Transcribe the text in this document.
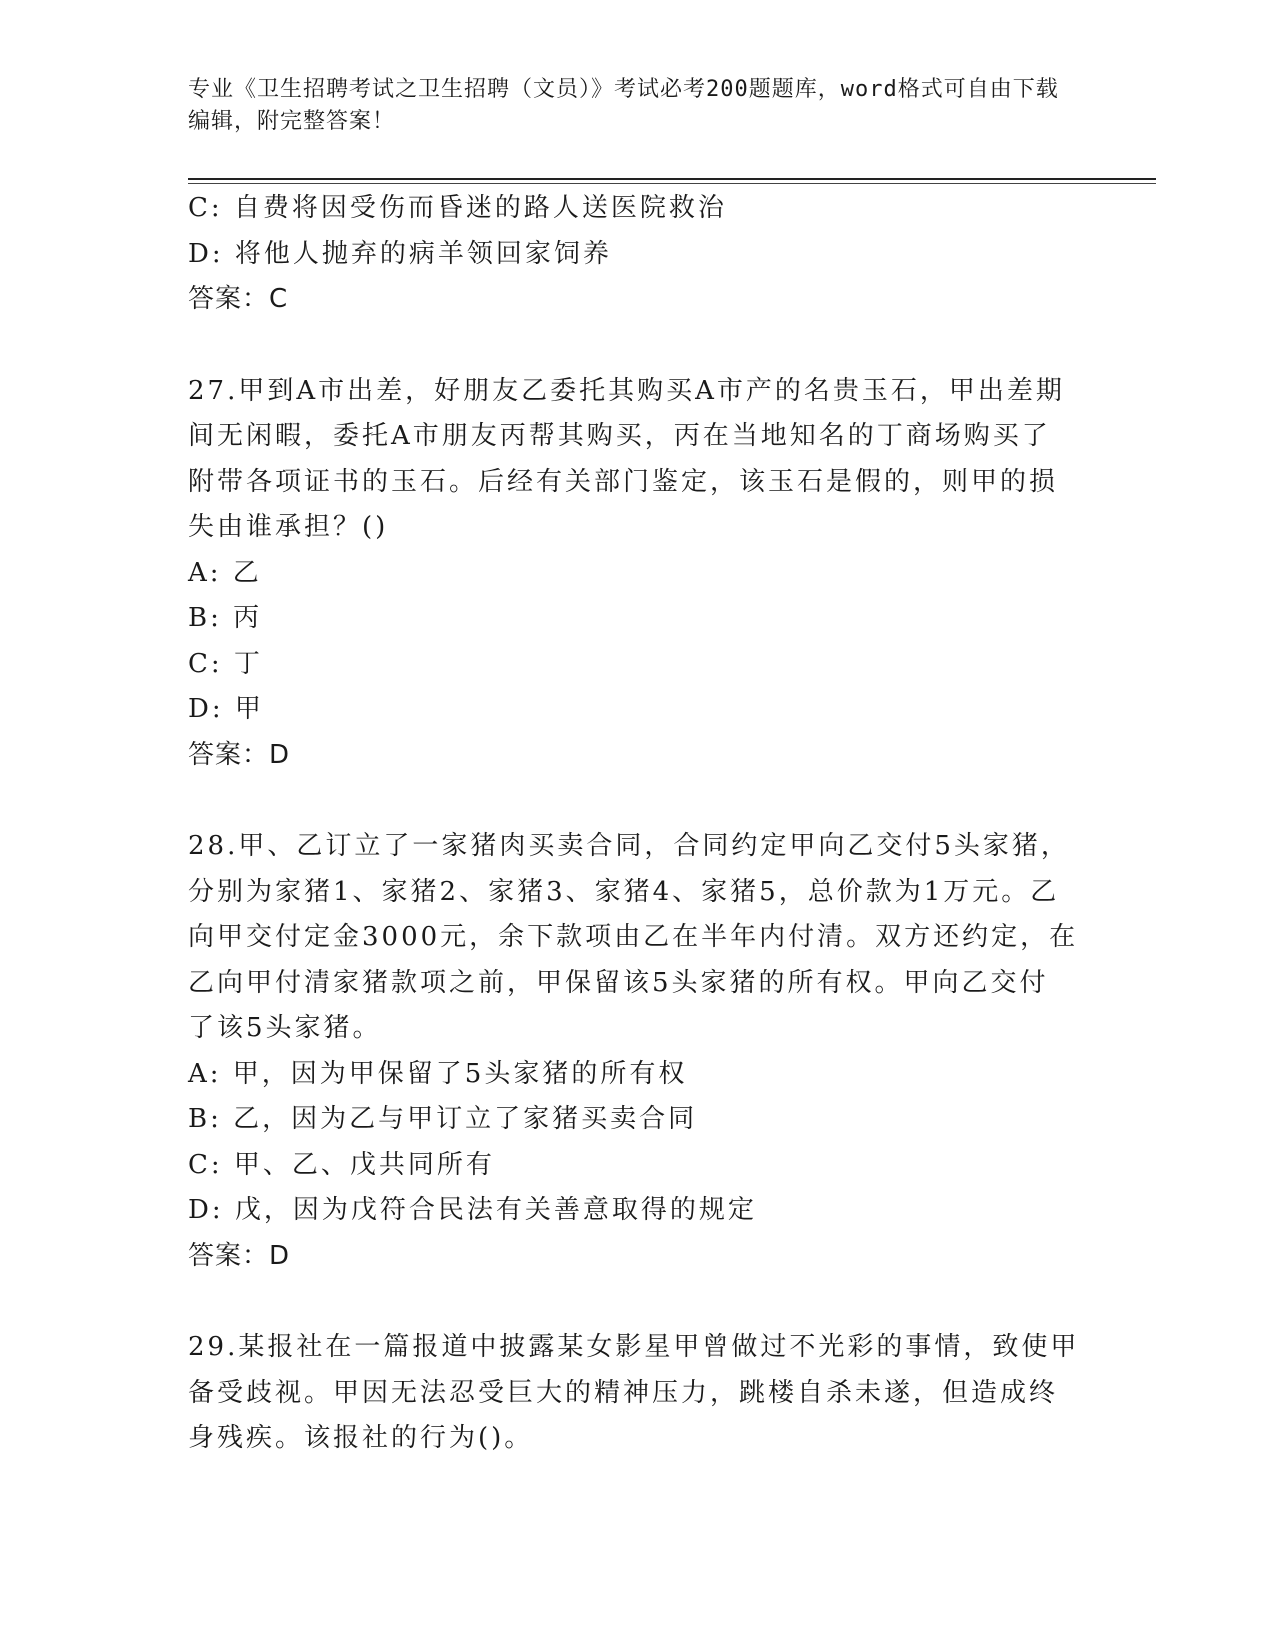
专业《卫生招聘考试之卫生招聘（文员）》考试必考200题题库，word格式可自由下载编辑，附完整答案！
C: 自费将因受伤而昏迷的路人送医院救治
D: 将他人抛弃的病羊领回家饲养
答案：C
27.甲到A市出差，好朋友乙委托其购买A市产的名贵玉石，甲出差期
间无闲暇，委托A市朋友丙帮其购买，丙在当地知名的丁商场购买了
附带各项证书的玉石。后经有关部门鉴定，该玉石是假的，则甲的损
失由谁承担？()
A: 乙
B: 丙
C: 丁
D: 甲
答案：D
28.甲、乙订立了一家猪肉买卖合同，合同约定甲向乙交付5头家猪，
分别为家猪1、家猪2、家猪3、家猪4、家猪5，总价款为1万元。乙
向甲交付定金3000元，余下款项由乙在半年内付清。双方还约定，在
乙向甲付清家猪款项之前，甲保留该5头家猪的所有权。甲向乙交付
了该5头家猪。
A: 甲，因为甲保留了5头家猪的所有权
B: 乙，因为乙与甲订立了家猪买卖合同
C: 甲、乙、戊共同所有
D: 戊，因为戊符合民法有关善意取得的规定
答案：D
29.某报社在一篇报道中披露某女影星甲曾做过不光彩的事情，致使甲
备受歧视。甲因无法忍受巨大的精神压力，跳楼自杀未遂，但造成终
身残疾。该报社的行为()。
